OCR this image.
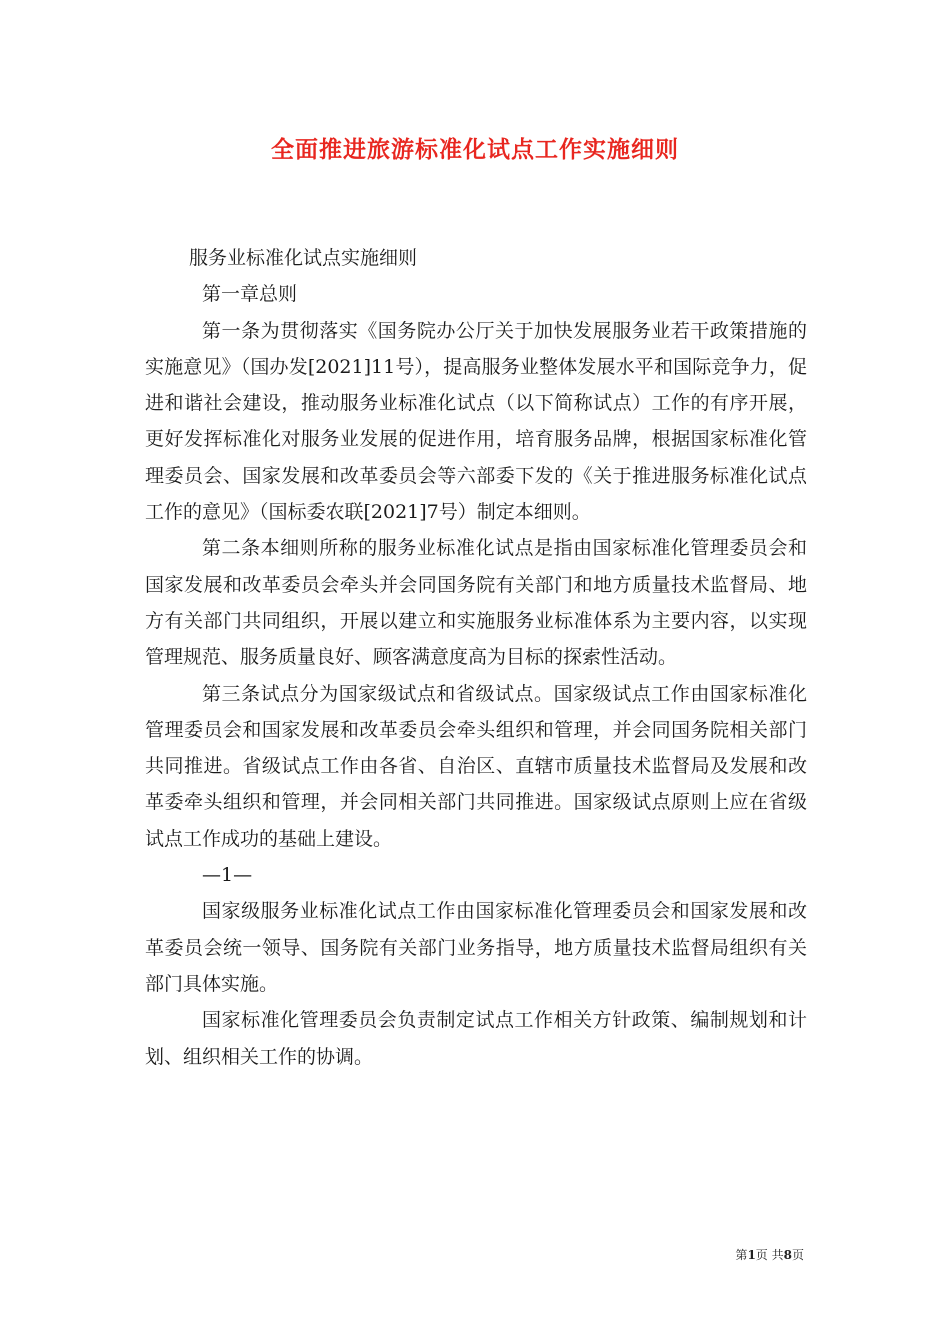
全面推进旅游标准化试点工作实施细则

服务业标准化试点实施细则

第一章总则

第一条为贯彻落实《国务院办公厅关于加快发展服务业若干政策措施的实施意见》（国办发[2021]11号），提高服务业整体发展水平和国际竞争力，促进和谐社会建设，推动服务业标准化试点（以下简称试点）工作的有序开展，更好发挥标准化对服务业发展的促进作用，培育服务品牌，根据国家标准化管理委员会、国家发展和改革委员会等六部委下发的《关于推进服务标准化试点工作的意见》（国标委农联[2021]7号）制定本细则。

第二条本细则所称的服务业标准化试点是指由国家标准化管理委员会和国家发展和改革委员会牵头并会同国务院有关部门和地方质量技术监督局、地方有关部门共同组织，开展以建立和实施服务业标准体系为主要内容，以实现管理规范、服务质量良好、顾客满意度高为目标的探索性活动。

第三条试点分为国家级试点和省级试点。国家级试点工作由国家标准化管理委员会和国家发展和改革委员会牵头组织和管理，并会同国务院相关部门共同推进。省级试点工作由各省、自治区、直辖市质量技术监督局及发展和改革委牵头组织和管理，并会同相关部门共同推进。国家级试点原则上应在省级试点工作成功的基础上建设。

—1—

国家级服务业标准化试点工作由国家标准化管理委员会和国家发展和改革委员会统一领导、国务院有关部门业务指导，地方质量技术监督局组织有关部门具体实施。

国家标准化管理委员会负责制定试点工作相关方针政策、编制规划和计划、组织相关工作的协调。

第1页 共8页
